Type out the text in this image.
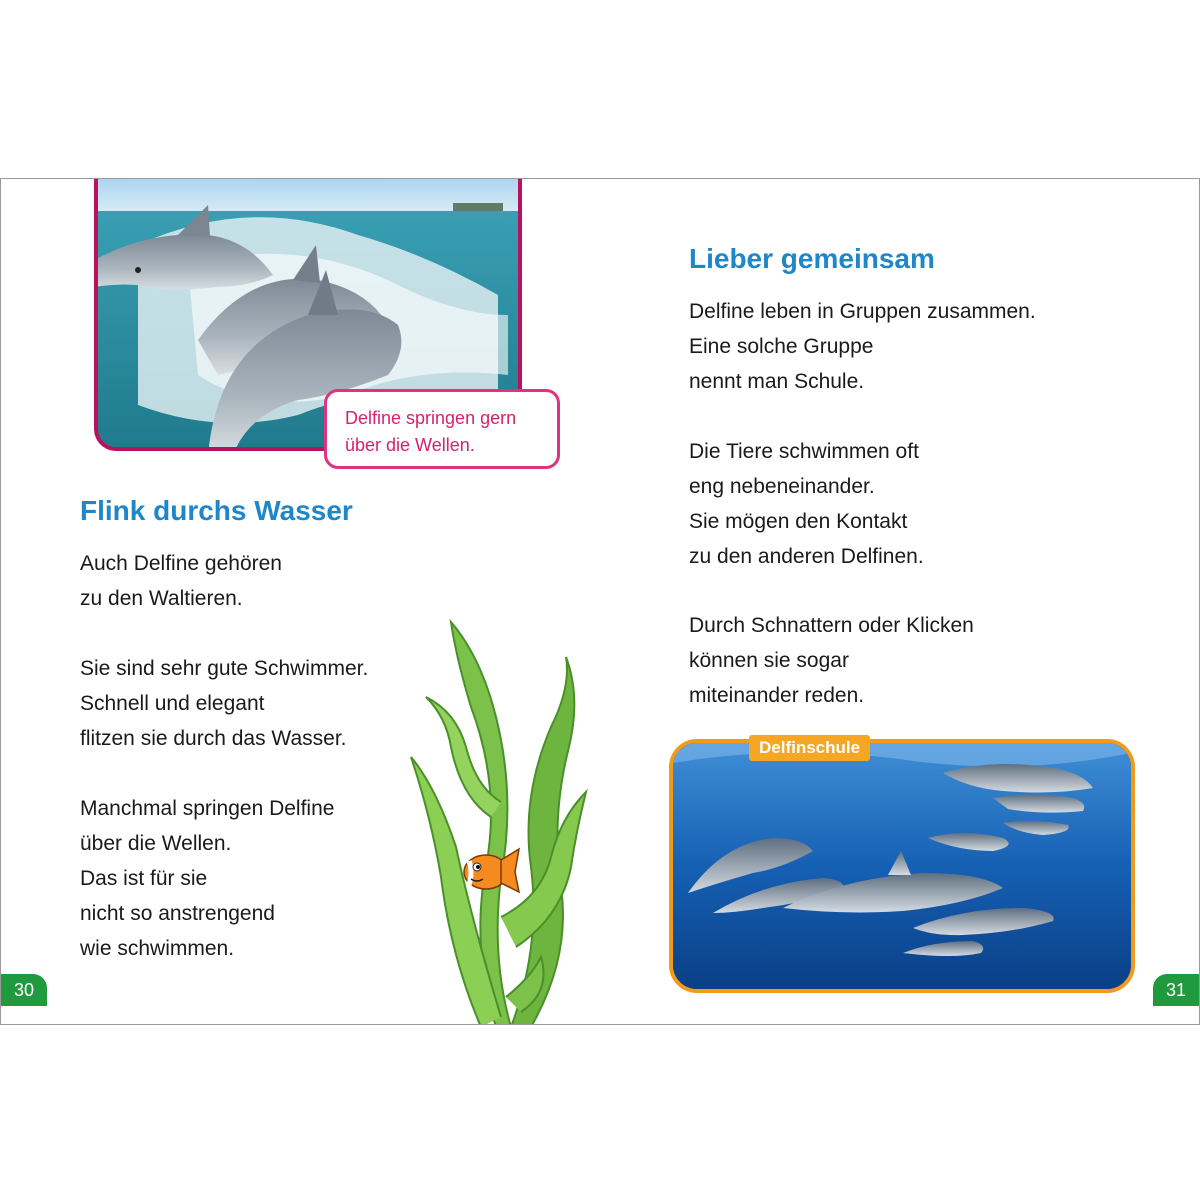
Delfine springen gern
über die Wellen.
Flink durchs Wasser

Auch Delfine gehören
zu den Waltieren.

Sie sind sehr gute Schwimmer.
Schnell und elegant
flitzen sie durch das Wasser.

Manchmal springen Delfine
über die Wellen.
Das ist für sie
nicht so anstrengend
wie schwimmen.

30
Lieber gemeinsam

Delfine leben in Gruppen zusammen.
Eine solche Gruppe
nennt man Schule.

Die Tiere schwimmen oft
eng nebeneinander.
Sie mögen den Kontakt
zu den anderen Delfinen.

Durch Schnattern oder Klicken
können sie sogar
miteinander reden.

Delfinschule
31
